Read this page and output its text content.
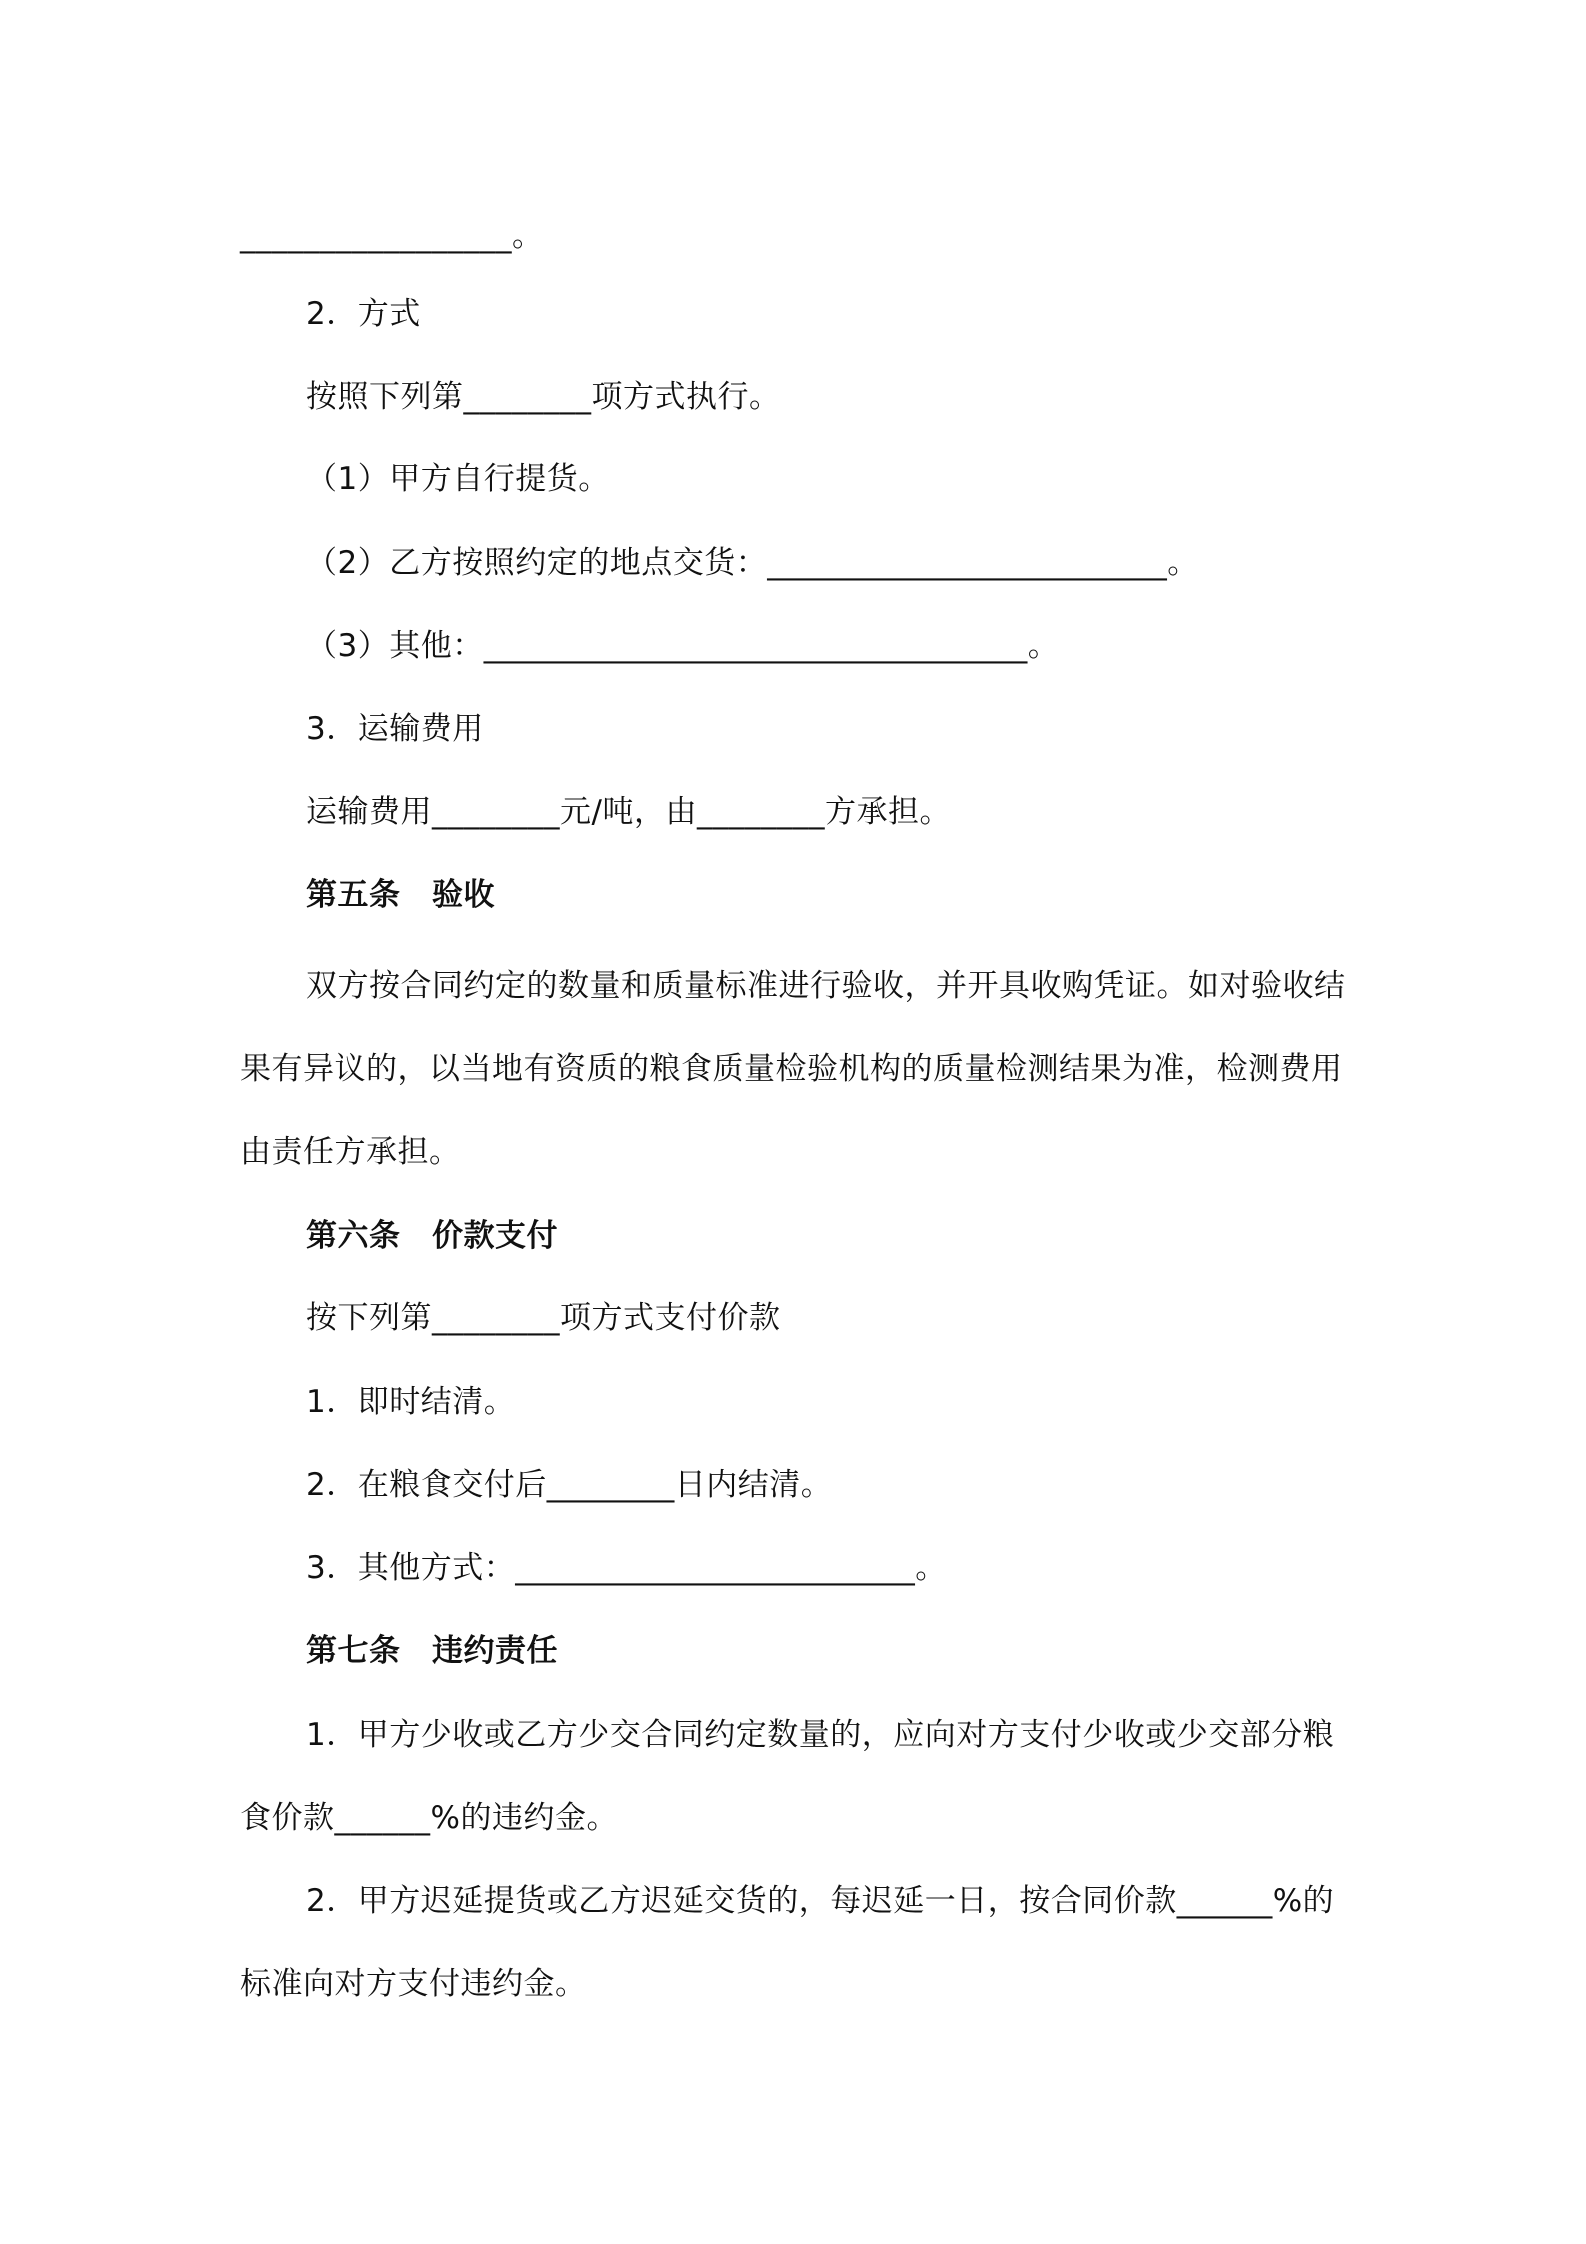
_________________。
2．方式
按照下列第________项方式执行。
（1）甲方自行提货。
（2）乙方按照约定的地点交货：_________________________。
（3）其他：__________________________________。
3．运输费用
运输费用________元/吨，由________方承担。
第五条　验收
双方按合同约定的数量和质量标准进行验收，并开具收购凭证。如对验收结
果有异议的，以当地有资质的粮食质量检验机构的质量检测结果为准，检测费用
由责任方承担。
第六条　价款支付
按下列第________项方式支付价款
1．即时结清。
2．在粮食交付后________日内结清。
3．其他方式：_________________________。
第七条　违约责任
1．甲方少收或乙方少交合同约定数量的，应向对方支付少收或少交部分粮
食价款______%的违约金。
2．甲方迟延提货或乙方迟延交货的，每迟延一日，按合同价款______%的
标准向对方支付违约金。
